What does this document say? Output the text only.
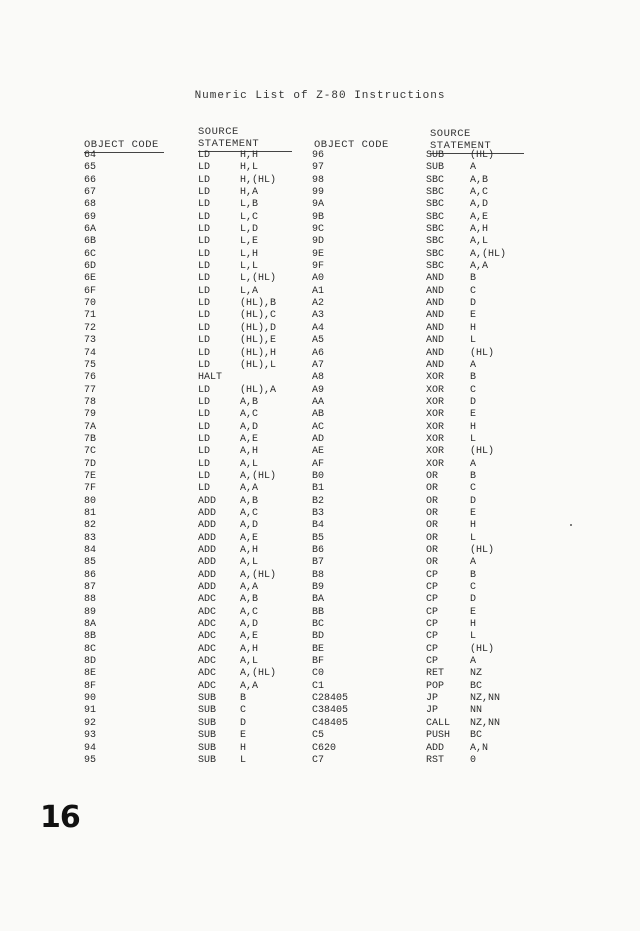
Numeric List of Z-80 Instructions
SOURCE
STATEMENT
OBJECT CODE
SOURCE
STATEMENT
OBJECT CODE
64	LD	H,H
65	LD	H,L
66	LD	H,(HL)
67	LD	H,A
68	LD	L,B
69	LD	L,C
6A	LD	L,D
6B	LD	L,E
6C	LD	L,H
6D	LD	L,L
6E	LD	L,(HL)
6F	LD	L,A
70	LD	(HL),B
71	LD	(HL),C
72	LD	(HL),D
73	LD	(HL),E
74	LD	(HL),H
75	LD	(HL),L
76	HALT
77	LD	(HL),A
78	LD	A,B
79	LD	A,C
7A	LD	A,D
7B	LD	A,E
7C	LD	A,H
7D	LD	A,L
7E	LD	A,(HL)
7F	LD	A,A
80	ADD A,B
81	ADD A,C
82	ADD A,D
83	ADD A,E
84	ADD A,H
85	ADD A,L
86	ADD A,(HL)
87	ADD A,A
88	ADC A,B
89	ADC A,C
8A	ADC A,D
8B	ADC A,E
8C	ADC A,H
8D	ADC A,L
8E	ADC A,(HL)
8F	ADC A,A
90	SUB B
91	SUB C
92	SUB D
93	SUB E
94	SUB H
95	SUB L
96	SUB	(HL)
97	SUB	A
98	SBC	A,B
99	SBC	A,C
9A	SBC	A,D
9B	SBC	A,E
9C	SBC	A,H
9D	SBC	A,L
9E	SBC	A,(HL)
9F	SBC	A,A
A0	AND	B
A1	AND	C
A2	AND	D
A3	AND	E
A4	AND	H
A5	AND	L
A6	AND	(HL)
A7	AND	A
A8	XOR	B
A9	XOR	C
AA	XOR	D
AB	XOR	E
AC	XOR	H
AD	XOR	L
AE	XOR	(HL)
AF	XOR	A
B0	OR	B
B1	OR	C
B2	OR	D
B3	OR	E
B4	OR	H
B5	OR	L
B6	OR	(HL)
B7	OR	A
B8	CP	B
B9	CP	C
BA	CP	D
BB	CP	E
BC	CP	H
BD	CP	L
BE	CP	(HL)
BF	CP	A
C0	RET	NZ
C1	POP	BC
C28405	JP	NZ,NN
C38405	JP	NN
C48405	CALL NZ,NN
C5	PUSH BC
C620	ADD	A,N
C7	RST	0
16
